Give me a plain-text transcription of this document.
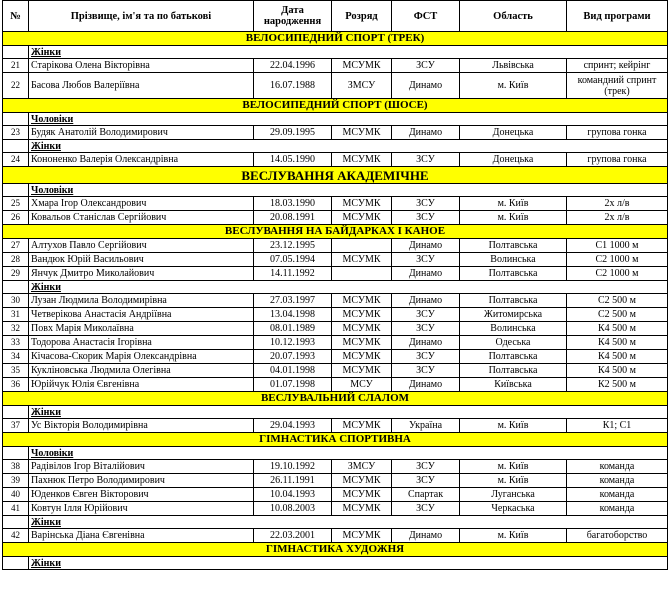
№	Прізвище, ім'я та по батькові	Дата народження	Розряд	ФСТ	Область	Вид програми
ВЕЛОСИПЕДНИЙ СПОРТ (ТРЕК)						
	Жінки					
21	Старікова Олена Вікторівна	22.04.1996	МСУМК	ЗСУ	Львівська	спринт; кейрінг
22	Басова Любов Валеріївна	16.07.1988	ЗМСУ	Динамо	м. Київ	командний спринт (трек)
ВЕЛОСИПЕДНИЙ СПОРТ (ШОСЕ)						
	Чоловіки					
23	Будяк Анатолій Володимирович	29.09.1995	МСУМК	Динамо	Донецька	групова гонка
	Жінки					
24	Кононенко Валерія Олександрівна	14.05.1990	МСУМК	ЗСУ	Донецька	групова гонка
ВЕСЛУВАННЯ АКАДЕМІЧНЕ						
	Чоловіки					
25	Хмара Ігор Олександрович	18.03.1990	МСУМК	ЗСУ	м. Київ	2х л/в
26	Ковальов Станіслав Сергійович	20.08.1991	МСУМК	ЗСУ	м. Київ	2х л/в
ВЕСЛУВАННЯ НА БАЙДАРКАХ І КАНОЕ						
27	Алтухов Павло Сергійович	23.12.1995		Динамо	Полтавська	С1 1000 м
28	Вандюк Юрій Васильович	07.05.1994	МСУМК	ЗСУ	Волинська	С2 1000 м
29	Янчук Дмитро Миколайович	14.11.1992		Динамо	Полтавська	С2 1000 м
	Жінки					
30	Лузан Людмила Володимирівна	27.03.1997	МСУМК	Динамо	Полтавська	С2 500 м
31	Четверікова Анастасія Андріївна	13.04.1998	МСУМК	ЗСУ	Житомирська	С2 500 м
32	Повх Марія Миколаївна	08.01.1989	МСУМК	ЗСУ	Волинська	К4 500 м
33	Тодорова Анастасія Ігорівна	10.12.1993	МСУМК	Динамо	Одеська	К4 500 м
34	Кічасова-Скорик Марія Олександрівна	20.07.1993	МСУМК	ЗСУ	Полтавська	К4 500 м
35	Кукліновська Людмила Олегівна	04.01.1998	МСУМК	ЗСУ	Полтавська	К4 500 м
36	Юрійчук Юлія Євгенівна	01.07.1998	МСУ	Динамо	Київська	К2 500 м
ВЕСЛУВАЛЬНИЙ СЛАЛОМ						
	Жінки					
37	Ус Вікторія Володимирівна	29.04.1993	МСУМК	Україна	м. Київ	К1; С1
ГІМНАСТИКА СПОРТИВНА						
	Чоловіки					
38	Радівілов Ігор Віталійович	19.10.1992	ЗМСУ	ЗСУ	м. Київ	команда
39	Пахнюк Петро Володимирович	26.11.1991	МСУМК	ЗСУ	м. Київ	команда
40	Юденков Євген Вікторович	10.04.1993	МСУМК	Спартак	Луганська	команда
41	Ковтун Ілля Юрійович	10.08.2003	МСУМК	ЗСУ	Черкаська	команда
	Жінки					
42	Варінська Діана Євгенівна	22.03.2001	МСУМК	Динамо	м. Київ	багатоборство
ГІМНАСТИКА ХУДОЖНЯ						
	Жінки					
